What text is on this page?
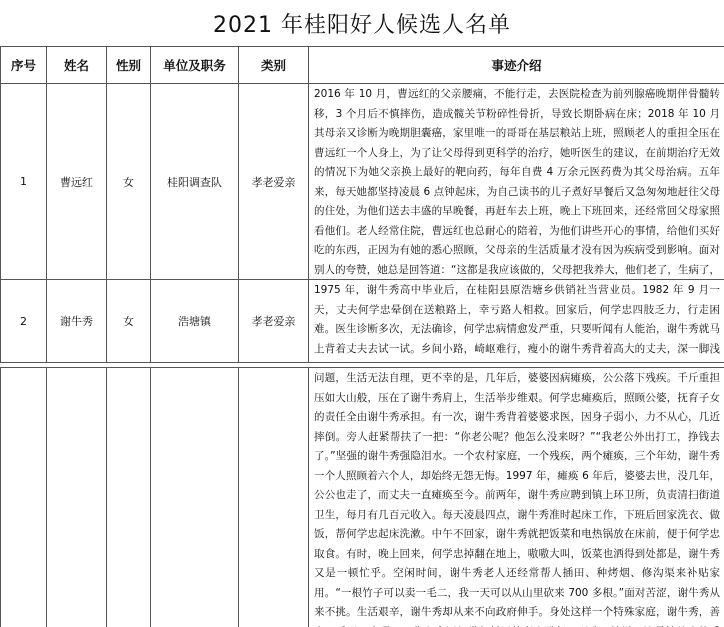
2021 年桂阳好人候选人名单
序号	姓名	性别	单位及职务	类别	事迹介绍
1	曹远红	女	桂阳调查队	孝老爱亲	2016 年 10 月，曹远红的父亲腰痛，不能行走，去医院检查为前列腺癌晚期伴骨髓转移，3 个月后不慎摔伤，造成髋关节粉碎性骨折，导致长期卧病在床；2018 年 10 月其母亲又诊断为晚期胆囊癌，家里唯一的哥哥在基层粮站上班，照顾老人的重担全压在曹远红一个人身上，为了让父母得到更科学的治疗，她听医生的建议，在前期治疗无效的情况下为她父亲换上最好的靶向药，每年自费 4 万余元医药费为其父母治病。五年来，每天她都坚持凌晨 6 点钟起床，为自己读书的儿子煮好早餐后又急匆匆地赶往父母的住处，为他们送去丰盛的早晚餐，再赶车去上班，晚上下班回来，还经常回父母家照看他们。老人经常住院，曹远红也总耐心的陪着，为他们讲些开心的事情，给他们买好吃的东西，正因为有她的悉心照顾，父母亲的生活质量才没有因为疾病受到影响。面对别人的夸赞，她总是回答道：“这都是我应该做的，父母把我养大，他们老了，生病了，

2	谢牛秀	女	浩塘镇	孝老爱亲	1975 年，谢牛秀高中毕业后，在桂阳县原浩塘乡供销社当营业员。1982 年 9 月一天，丈夫何学忠晕倒在送粮路上，幸亏路人相救。回家后，何学忠四肢乏力，行走困难。医生诊断多次，无法确诊，何学忠病情愈发严重，只要听闻有人能治，谢牛秀就马上背着丈夫去试一试。乡间小路，崎岖难行，瘦小的谢牛秀背着高大的丈夫，深一脚浅

					问题，生活无法自理，更不幸的是，几年后，婆婆因病瘫痪，公公落下残疾。千斤重担压如大山般，压在了谢牛秀肩上，生活举步维艰。何学忠瘫痪后，照顾公婆，抚育子女的责任全由谢牛秀承担。有一次，谢牛秀背着婆婆求医，因身子弱小，力不从心，几近摔倒。旁人赶紧帮扶了一把：“你老公呢？他怎么没来呀？”“我老公外出打工，挣钱去了。”坚强的谢牛秀强隐泪水。一个农村家庭，一个残疾，两个瘫痪，三个年幼，谢牛秀一个人照顾着六个人，却始终无怨无悔。1997 年，瘫痪 6 年后，婆婆去世，没几年，公公也走了，而丈夫一直瘫痪至今。前两年，谢牛秀应聘到镇上环卫所，负责清扫街道卫生，每月有几百元收入。每天凌晨四点，谢牛秀准时起床工作，下班后回家洗衣、做饭，帮何学忠起床洗漱。中午不回家，谢牛秀就把饭菜和电热锅放在床前，便于何学忠取食。有时，晚上回来，何学忠掉翻在地上，嗷嗷大叫，饭菜也洒得到处都是，谢牛秀又是一顿忙乎。空闲时间，谢牛秀老人还经常帮人插田、种烤烟、修沟渠来补贴家用。“一根竹子可以卖一毛二，我一天可以从山里砍来 700 多根。”面对苦涩，谢牛秀从来不挑。生活艰辛，谢牛秀却从来不向政府伸手。身处这样一个特殊家庭，谢牛秀，善
